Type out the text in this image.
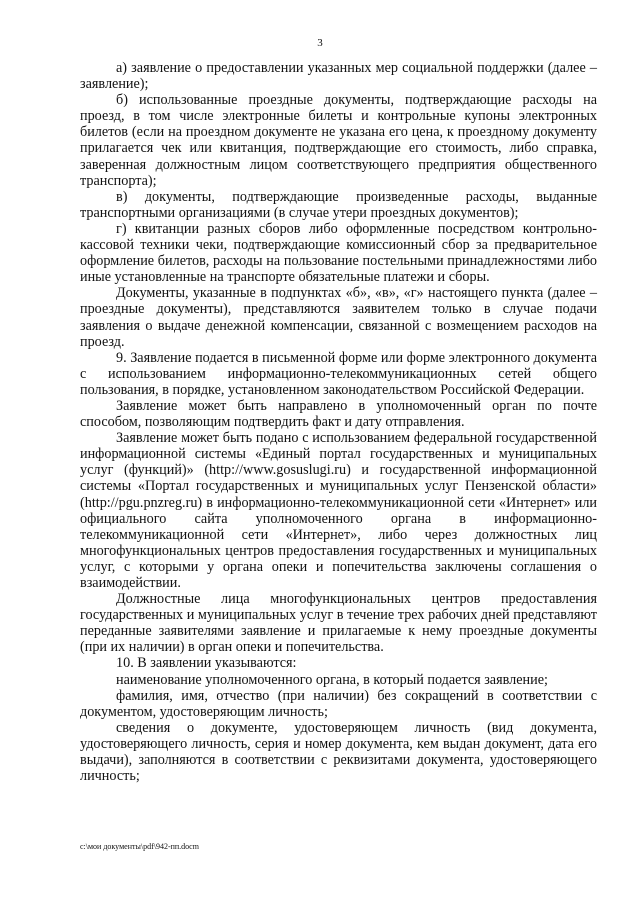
3

а) заявление о предоставлении указанных мер социальной поддержки (далее – заявление);

б) использованные проездные документы, подтверждающие расходы на проезд, в том числе электронные билеты и контрольные купоны электронных билетов (если на проездном документе не указана его цена, к проездному документу прилагается чек или квитанция, подтверждающие его стоимость, либо справка, заверенная должностным лицом соответствующего предприятия общественного транспорта);

в) документы, подтверждающие произведенные расходы, выданные транспортными организациями (в случае утери проездных документов);

г) квитанции разных сборов либо оформленные посредством контрольно-кассовой техники чеки, подтверждающие комиссионный сбор за предварительное оформление билетов, расходы на пользование постельными принадлежностями либо иные установленные на транспорте обязательные платежи и сборы.

Документы, указанные в подпунктах «б», «в», «г» настоящего пункта (далее – проездные документы), представляются заявителем только в случае подачи заявления о выдаче денежной компенсации, связанной с возмещением расходов на проезд.

9. Заявление подается в письменной форме или форме электронного документа с использованием информационно-телекоммуникационных сетей общего пользования, в порядке, установленном законодательством Российской Федерации.

Заявление может быть направлено в уполномоченный орган по почте способом, позволяющим подтвердить факт и дату отправления.

Заявление может быть подано с использованием федеральной государственной информационной системы «Единый портал государственных и муниципальных услуг (функций)» (http://www.gosuslugi.ru) и государственной информационной системы «Портал государственных и муниципальных услуг Пензенской области» (http://pgu.pnzreg.ru) в информационно-телекоммуникационной сети «Интернет» или официального сайта уполномоченного органа в информационно-телекоммуникационной сети «Интернет», либо через должностных лиц многофункциональных центров предоставления государственных и муниципальных услуг, с которыми у органа опеки и попечительства заключены соглашения о взаимодействии.

Должностные лица многофункциональных центров предоставления государственных и муниципальных услуг в течение трех рабочих дней представляют переданные заявителями заявление и прилагаемые к нему проездные документы (при их наличии) в орган опеки и попечительства.

10. В заявлении указываются:

наименование уполномоченного органа, в который подается заявление;

фамилия, имя, отчество (при наличии) без сокращений в соответствии с документом, удостоверяющим личность;

сведения о документе, удостоверяющем личность (вид документа, удостоверяющего личность, серия и номер документа, кем выдан документ, дата его выдачи), заполняются в соответствии с реквизитами документа, удостоверяющего личность;

c:\мои документы\pdf\942-пп.docm
